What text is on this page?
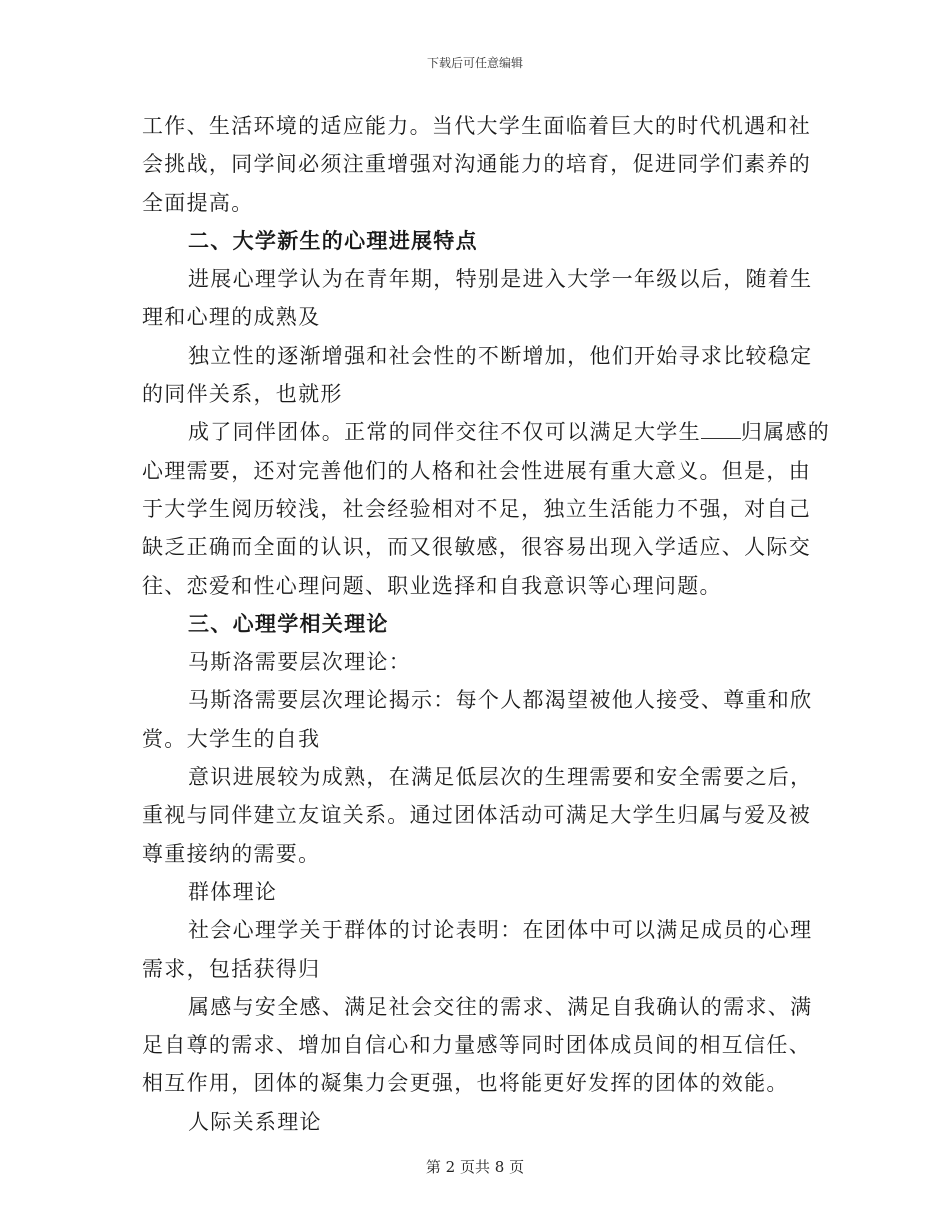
下载后可任意编辑
工作、生活环境的适应能力。当代大学生面临着巨大的时代机遇和社
会挑战，同学间必须注重增强对沟通能力的培育，促进同学们素养的
全面提高。
二、大学新生的心理进展特点
进展心理学认为在青年期，特别是进入大学一年级以后，随着生
理和心理的成熟及
独立性的逐渐增强和社会性的不断增加，他们开始寻求比较稳定
的同伴关系，也就形
成了同伴团体。正常的同伴交往不仅可以满足大学生 归属感的
心理需要，还对完善他们的人格和社会性进展有重大意义。但是，由
于大学生阅历较浅，社会经验相对不足，独立生活能力不强，对自己
缺乏正确而全面的认识，而又很敏感，很容易出现入学适应、人际交
往、恋爱和性心理问题、职业选择和自我意识等心理问题。
三、心理学相关理论
马斯洛需要层次理论：
马斯洛需要层次理论揭示：每个人都渴望被他人接受、尊重和欣
赏。大学生的自我
意识进展较为成熟，在满足低层次的生理需要和安全需要之后，
重视与同伴建立友谊关系。通过团体活动可满足大学生归属与爱及被
尊重接纳的需要。
群体理论
社会心理学关于群体的讨论表明：在团体中可以满足成员的心理
需求，包括获得归
属感与安全感、满足社会交往的需求、满足自我确认的需求、满
足自尊的需求、增加自信心和力量感等同时团体成员间的相互信任、
相互作用，团体的凝集力会更强，也将能更好发挥的团体的效能。
人际关系理论
第 2 页共 8 页
